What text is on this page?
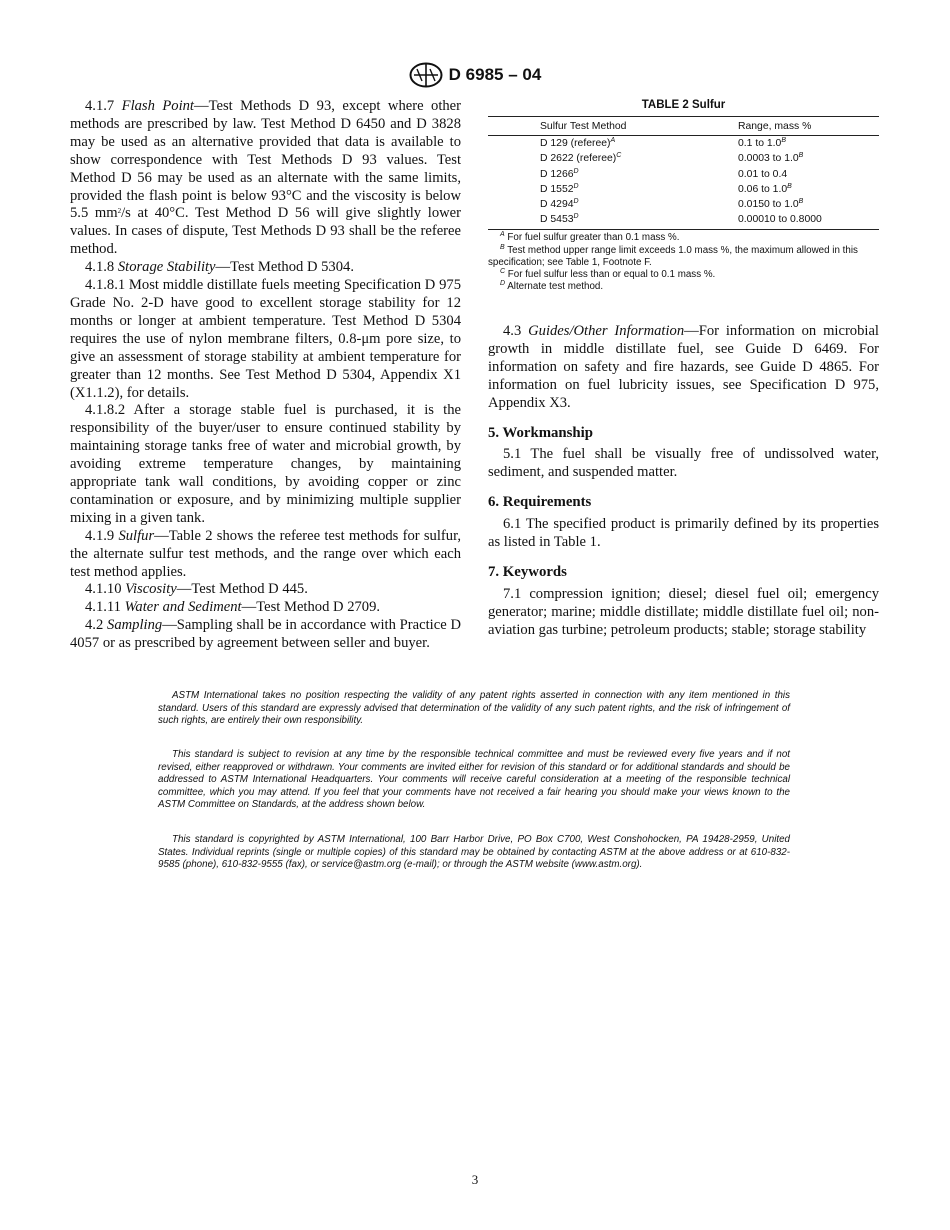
D 6985 – 04

4.1.7 Flash Point—Test Methods D 93, except where other methods are prescribed by law. Test Method D 6450 and D 3828 may be used as an alternative provided that data is available to show correspondence with Test Methods D 93 values. Test Method D 56 may be used as an alternate with the same limits, provided the flash point is below 93°C and the viscosity is below 5.5 $mm^2/s$ at 40°C. Test Method D 56 will give slightly lower values. In cases of dispute, Test Methods D 93 shall be the referee method.

4.1.8 Storage Stability—Test Method D 5304.

4.1.8.1 Most middle distillate fuels meeting Specification D 975 Grade No. 2-D have good to excellent storage stability for 12 months or longer at ambient temperature. Test Method D 5304 requires the use of nylon membrane filters, 0.8-μm pore size, to give an assessment of storage stability at ambient temperature for greater than 12 months. See Test Method D 5304, Appendix X1 (X1.1.2), for details.

4.1.8.2 After a storage stable fuel is purchased, it is the responsibility of the buyer/user to ensure continued stability by maintaining storage tanks free of water and microbial growth, by avoiding extreme temperature changes, by maintaining appropriate tank wall conditions, by avoiding copper or zinc contamination or exposure, and by minimizing multiple supplier mixing in a given tank.

4.1.9 Sulfur—Table 2 shows the referee test methods for sulfur, the alternate sulfur test methods, and the range over which each test method applies.

4.1.10 Viscosity—Test Method D 445.

4.1.11 Water and Sediment—Test Method D 2709.

4.2 Sampling—Sampling shall be in accordance with Practice D 4057 or as prescribed by agreement between seller and buyer.

TABLE 2 Sulfur
Sulfur Test Method	Range, mass %

D 129 (referee)$^A$	0.1 to $1.0^B$
D 2622 (referee)$^C$	0.0003 to $1.0^B$
D $1266^D$	0.01 to 0.4
D $1552^D$	0.06 to $1.0^B$
D $4294^D$	0.0150 to $1.0^B$
D $5453^D$	0.00010 to 0.8000
$^A$ For fuel sulfur greater than 0.1 mass %.
$^B$ Test method upper range limit exceeds 1.0 mass %, the maximum allowed in this specification; see Table 1, Footnote F.
$^C$ For fuel sulfur less than or equal to 0.1 mass %.
$^D$ Alternate test method.

4.3 Guides/Other Information—For information on microbial growth in middle distillate fuel, see Guide D 6469. For information on safety and fire hazards, see Guide D 4865. For information on fuel lubricity issues, see Specification D 975, Appendix X3.

5. Workmanship

5.1 The fuel shall be visually free of undissolved water, sediment, and suspended matter.

6. Requirements

6.1 The specified product is primarily defined by its properties as listed in Table 1.

7. Keywords

7.1 compression ignition; diesel; diesel fuel oil; emergency generator; marine; middle distillate; middle distillate fuel oil; non-aviation gas turbine; petroleum products; stable; storage stability

ASTM International takes no position respecting the validity of any patent rights asserted in connection with any item mentioned in this standard. Users of this standard are expressly advised that determination of the validity of any such patent rights, and the risk of infringement of such rights, are entirely their own responsibility.

This standard is subject to revision at any time by the responsible technical committee and must be reviewed every five years and if not revised, either reapproved or withdrawn. Your comments are invited either for revision of this standard or for additional standards and should be addressed to ASTM International Headquarters. Your comments will receive careful consideration at a meeting of the responsible technical committee, which you may attend. If you feel that your comments have not received a fair hearing you should make your views known to the ASTM Committee on Standards, at the address shown below.

This standard is copyrighted by ASTM International, 100 Barr Harbor Drive, PO Box C700, West Conshohocken, PA 19428-2959, United States. Individual reprints (single or multiple copies) of this standard may be obtained by contacting ASTM at the above address or at 610-832-9585 (phone), 610-832-9555 (fax), or service@astm.org (e-mail); or through the ASTM website (www.astm.org).

3
